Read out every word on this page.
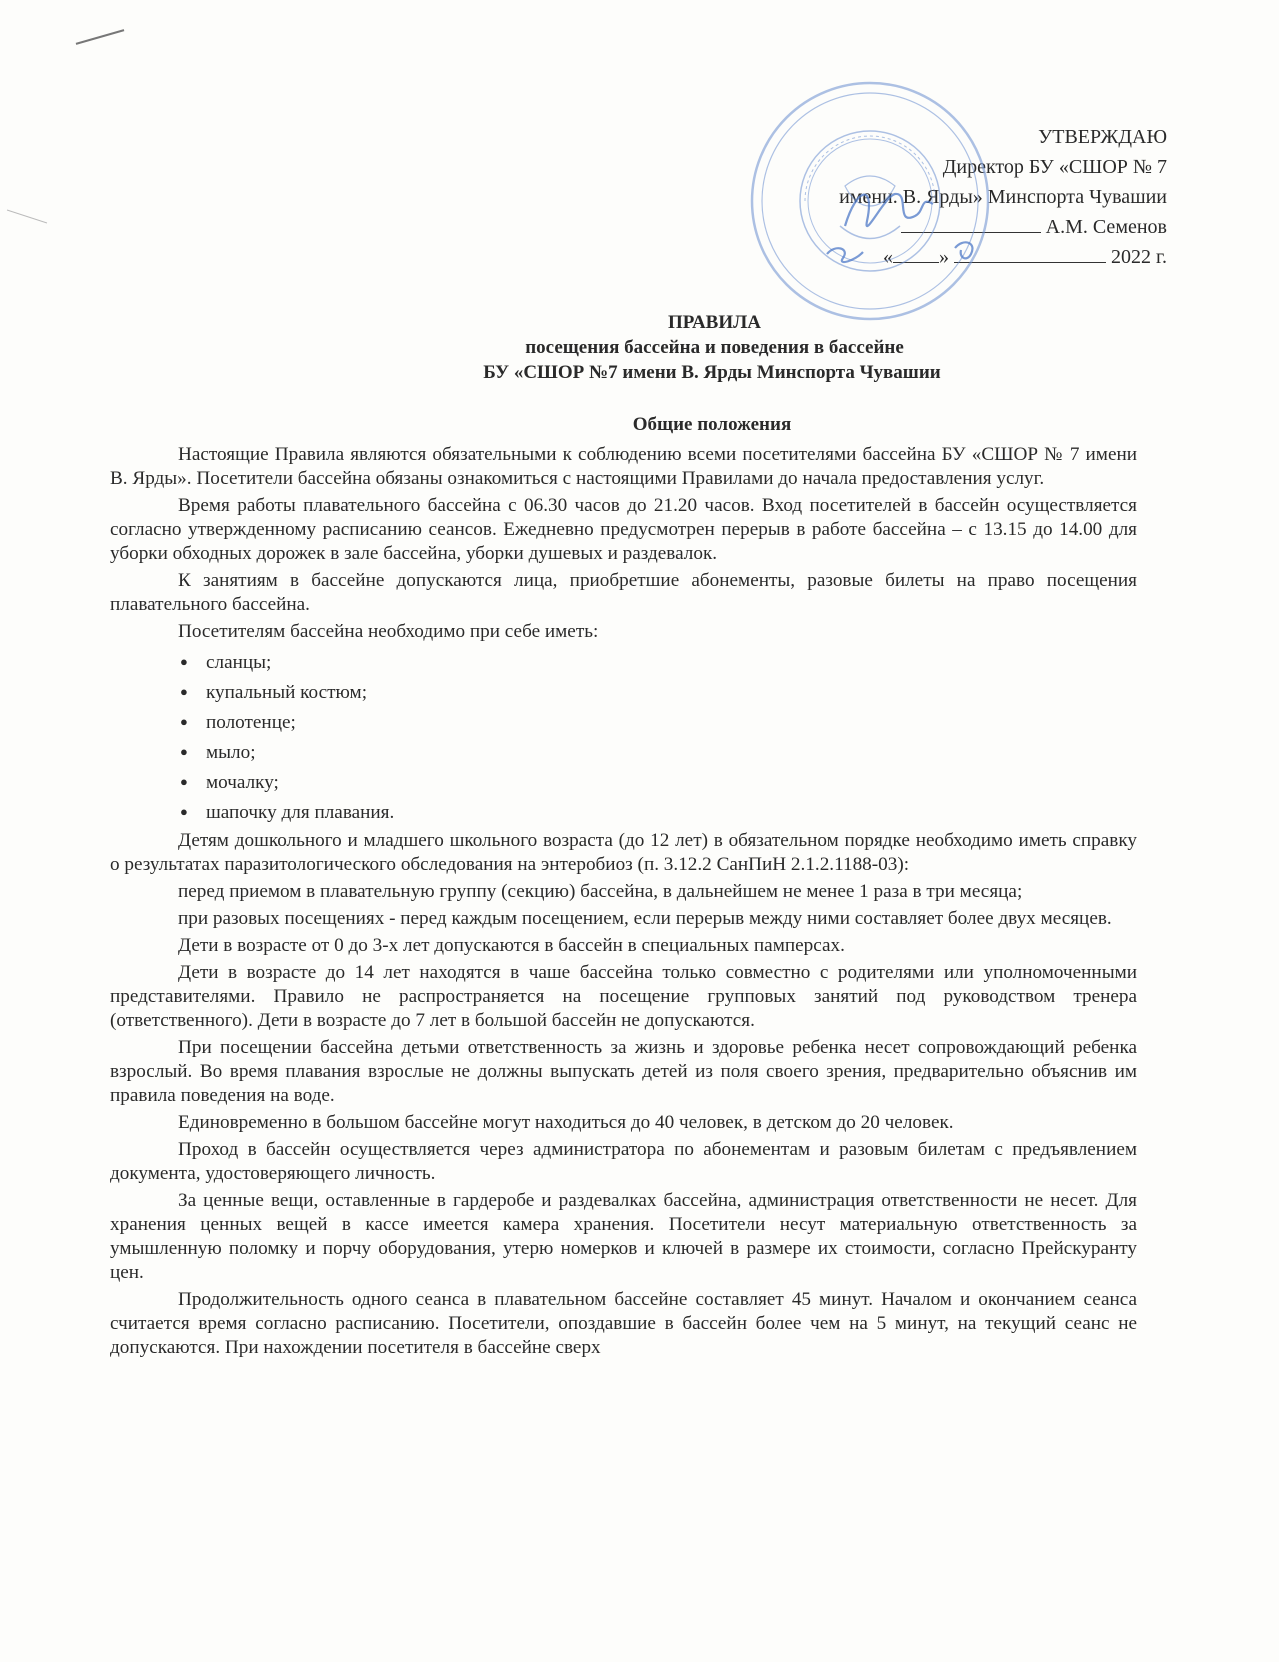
УТВЕРЖДАЮ
Директор БУ «СШОР № 7
имени. В. Ярды» Минспорта Чувашии
А.М. Семенов
« »	2022 г.
ПРАВИЛА
посещения бассейна и поведения в бассейне
БУ «СШОР №7 имени В. Ярды Минспорта Чувашии
Общие положения

Настоящие Правила являются обязательными к соблюдению всеми посетителями бассейна БУ «СШОР № 7 имени В. Ярды». Посетители бассейна обязаны ознакомиться с настоящими Правилами до начала предоставления услуг.

Время работы плавательного бассейна с 06.30 часов до 21.20 часов. Вход посетителей в бассейн осуществляется согласно утвержденному расписанию сеансов. Ежедневно предусмотрен перерыв в работе бассейна – с 13.15 до 14.00 для уборки обходных дорожек в зале бассейна, уборки душевых и раздевалок.

К занятиям в бассейне допускаются лица, приобретшие абонементы, разовые билеты на право посещения плавательного бассейна.

Посетителям бассейна необходимо при себе иметь:

● сланцы;
● купальный костюм;
● полотенце;
● мыло;
● мочалку;
● шапочку для плавания.

Детям дошкольного и младшего школьного возраста (до 12 лет) в обязательном порядке необходимо иметь справку о результатах паразитологического обследования на энтеробиоз (п. 3.12.2 СанПиН 2.1.2.1188-03):

перед приемом в плавательную группу (секцию) бассейна, в дальнейшем не менее 1 раза в три месяца;

при разовых посещениях - перед каждым посещением, если перерыв между ними составляет более двух месяцев.

Дети в возрасте от 0 до 3-х лет допускаются в бассейн в специальных памперсах.

Дети в возрасте до 14 лет находятся в чаше бассейна только совместно с родителями или уполномоченными представителями. Правило не распространяется на посещение групповых занятий под руководством тренера (ответственного). Дети в возрасте до 7 лет в большой бассейн не допускаются.

При посещении бассейна детьми ответственность за жизнь и здоровье ребенка несет сопровождающий ребенка взрослый. Во время плавания взрослые не должны выпускать детей из поля своего зрения, предварительно объяснив им правила поведения на воде.

Единовременно в большом бассейне могут находиться до 40 человек, в детском до 20 человек.

Проход в бассейн осуществляется через администратора по абонементам и разовым билетам с предъявлением документа, удостоверяющего личность.

За ценные вещи, оставленные в гардеробе и раздевалках бассейна, администрация ответственности не несет. Для хранения ценных вещей в кассе имеется камера хранения. Посетители несут материальную ответственность за умышленную поломку и порчу оборудования, утерю номерков и ключей в размере их стоимости, согласно Прейскуранту цен.

Продолжительность одного сеанса в плавательном бассейне составляет 45 минут. Началом и окончанием сеанса считается время согласно расписанию. Посетители, опоздавшие в бассейн более чем на 5 минут, на текущий сеанс не допускаются. При нахождении посетителя в бассейне сверх
